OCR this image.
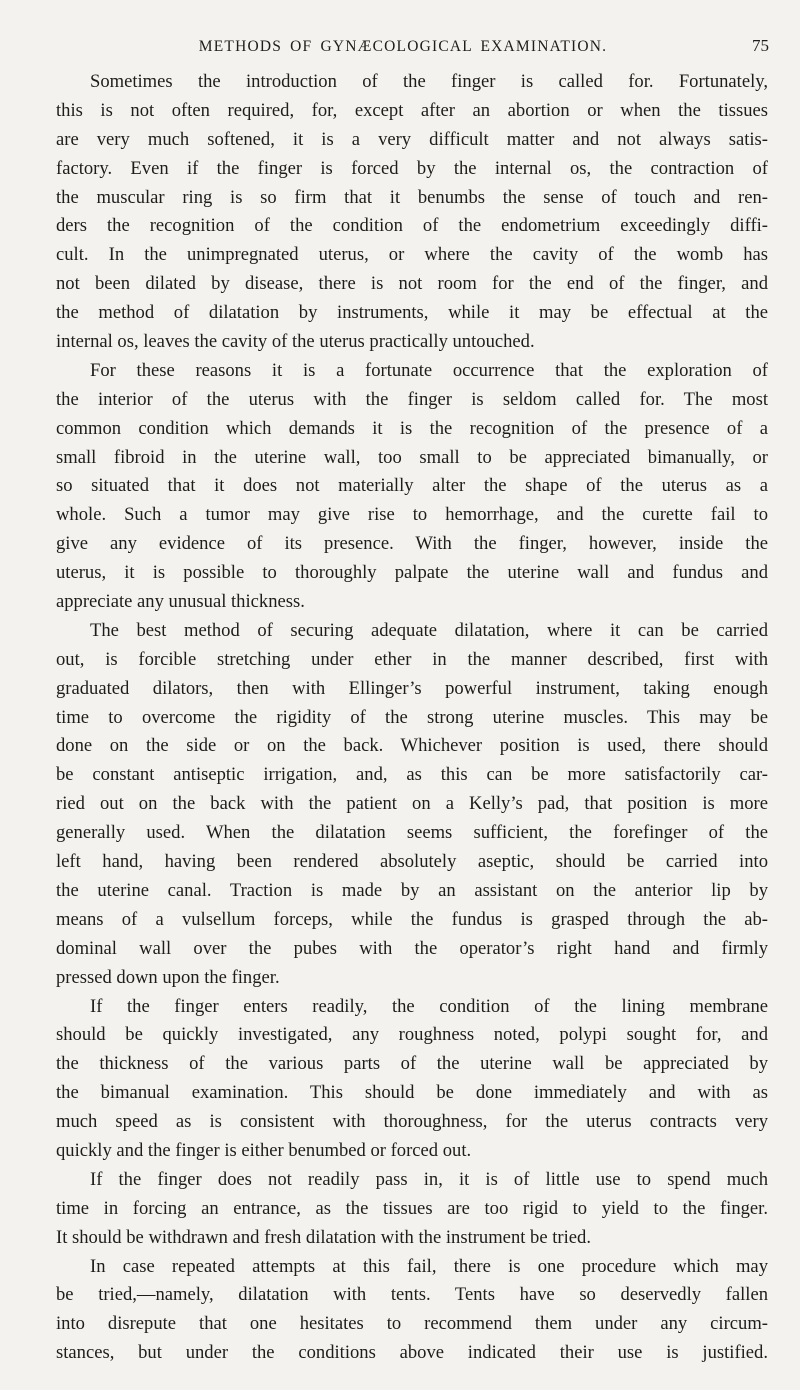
METHODS OF GYNÆCOLOGICAL EXAMINATION.	75
Sometimes the introduction of the finger is called for. Fortunately,
this is not often required, for, except after an abortion or when the tissues
are very much softened, it is a very difficult matter and not always satis-
factory. Even if the finger is forced by the internal os, the contraction of
the muscular ring is so firm that it benumbs the sense of touch and ren-
ders the recognition of the condition of the endometrium exceedingly diffi-
cult. In the unimpregnated uterus, or where the cavity of the womb has
not been dilated by disease, there is not room for the end of the finger, and
the method of dilatation by instruments, while it may be effectual at the
internal os, leaves the cavity of the uterus practically untouched.
For these reasons it is a fortunate occurrence that the exploration of
the interior of the uterus with the finger is seldom called for. The most
common condition which demands it is the recognition of the presence of a
small fibroid in the uterine wall, too small to be appreciated bimanually, or
so situated that it does not materially alter the shape of the uterus as a
whole. Such a tumor may give rise to hemorrhage, and the curette fail to
give any evidence of its presence. With the finger, however, inside the
uterus, it is possible to thoroughly palpate the uterine wall and fundus and
appreciate any unusual thickness.
The best method of securing adequate dilatation, where it can be carried
out, is forcible stretching under ether in the manner described, first with
graduated dilators, then with Ellinger’s powerful instrument, taking enough
time to overcome the rigidity of the strong uterine muscles. This may be
done on the side or on the back. Whichever position is used, there should
be constant antiseptic irrigation, and, as this can be more satisfactorily car-
ried out on the back with the patient on a Kelly’s pad, that position is more
generally used. When the dilatation seems sufficient, the forefinger of the
left hand, having been rendered absolutely aseptic, should be carried into
the uterine canal. Traction is made by an assistant on the anterior lip by
means of a vulsellum forceps, while the fundus is grasped through the ab-
dominal wall over the pubes with the operator’s right hand and firmly
pressed down upon the finger.
If the finger enters readily, the condition of the lining membrane
should be quickly investigated, any roughness noted, polypi sought for, and
the thickness of the various parts of the uterine wall be appreciated by
the bimanual examination. This should be done immediately and with as
much speed as is consistent with thoroughness, for the uterus contracts very
quickly and the finger is either benumbed or forced out.
If the finger does not readily pass in, it is of little use to spend much
time in forcing an entrance, as the tissues are too rigid to yield to the finger.
It should be withdrawn and fresh dilatation with the instrument be tried.
In case repeated attempts at this fail, there is one procedure which may
be tried,—namely, dilatation with tents. Tents have so deservedly fallen
into disrepute that one hesitates to recommend them under any circum-
stances, but under the conditions above indicated their use is justified.
